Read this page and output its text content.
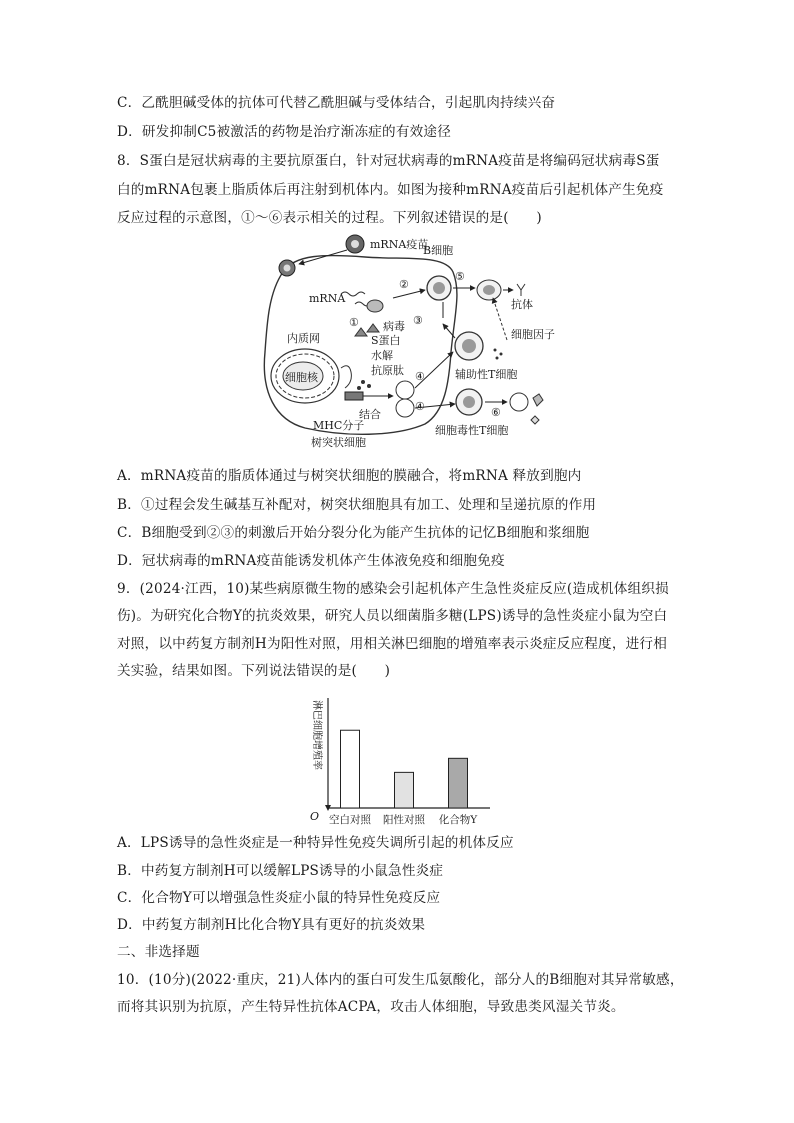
C．乙酰胆碱受体的抗体可代替乙酰胆碱与受体结合，引起肌肉持续兴奋
D．研发抑制C5被激活的药物是治疗渐冻症的有效途径
8．S蛋白是冠状病毒的主要抗原蛋白，针对冠状病毒的mRNA疫苗是将编码冠状病毒S蛋
白的mRNA包裹上脂质体后再注射到机体内。如图为接种mRNA疫苗后引起机体产生免疫
反应过程的示意图，①～⑥表示相关的过程。下列叙述错误的是(　　)
mRNA疫苗
mRNA
① 病毒
S蛋白
水解
抗原肽
内质网
细胞核
MHC分子
结合
④
④
树突状细胞
B细胞
②
⑤
抗体
③
细胞因子
辅助性T细胞
⑥
细胞毒性T细胞
A．mRNA疫苗的脂质体通过与树突状细胞的膜融合，将mRNA 释放到胞内
B．①过程会发生碱基互补配对，树突状细胞具有加工、处理和呈递抗原的作用
C．B细胞受到②③的刺激后开始分裂分化为能产生抗体的记忆B细胞和浆细胞
D．冠状病毒的mRNA疫苗能诱发机体产生体液免疫和细胞免疫
9．(2024·江西，10)某些病原微生物的感染会引起机体产生急性炎症反应(造成机体组织损
伤)。为研究化合物Y的抗炎效果，研究人员以细菌脂多糖(LPS)诱导的急性炎症小鼠为空白
对照，以中药复方制剂H为阳性对照，用相关淋巴细胞的增殖率表示炎症反应程度，进行相
关实验，结果如图。下列说法错误的是(　　)
O
淋巴细胞增殖率
空白对照 阳性对照 化合物Y
A．LPS诱导的急性炎症是一种特异性免疫失调所引起的机体反应
B．中药复方制剂H可以缓解LPS诱导的小鼠急性炎症
C．化合物Y可以增强急性炎症小鼠的特异性免疫反应
D．中药复方制剂H比化合物Y具有更好的抗炎效果
二、非选择题
10．(10分)(2022·重庆，21)人体内的蛋白可发生瓜氨酸化，部分人的B细胞对其异常敏感，
而将其识别为抗原，产生特异性抗体ACPA，攻击人体细胞，导致患类风湿关节炎。
